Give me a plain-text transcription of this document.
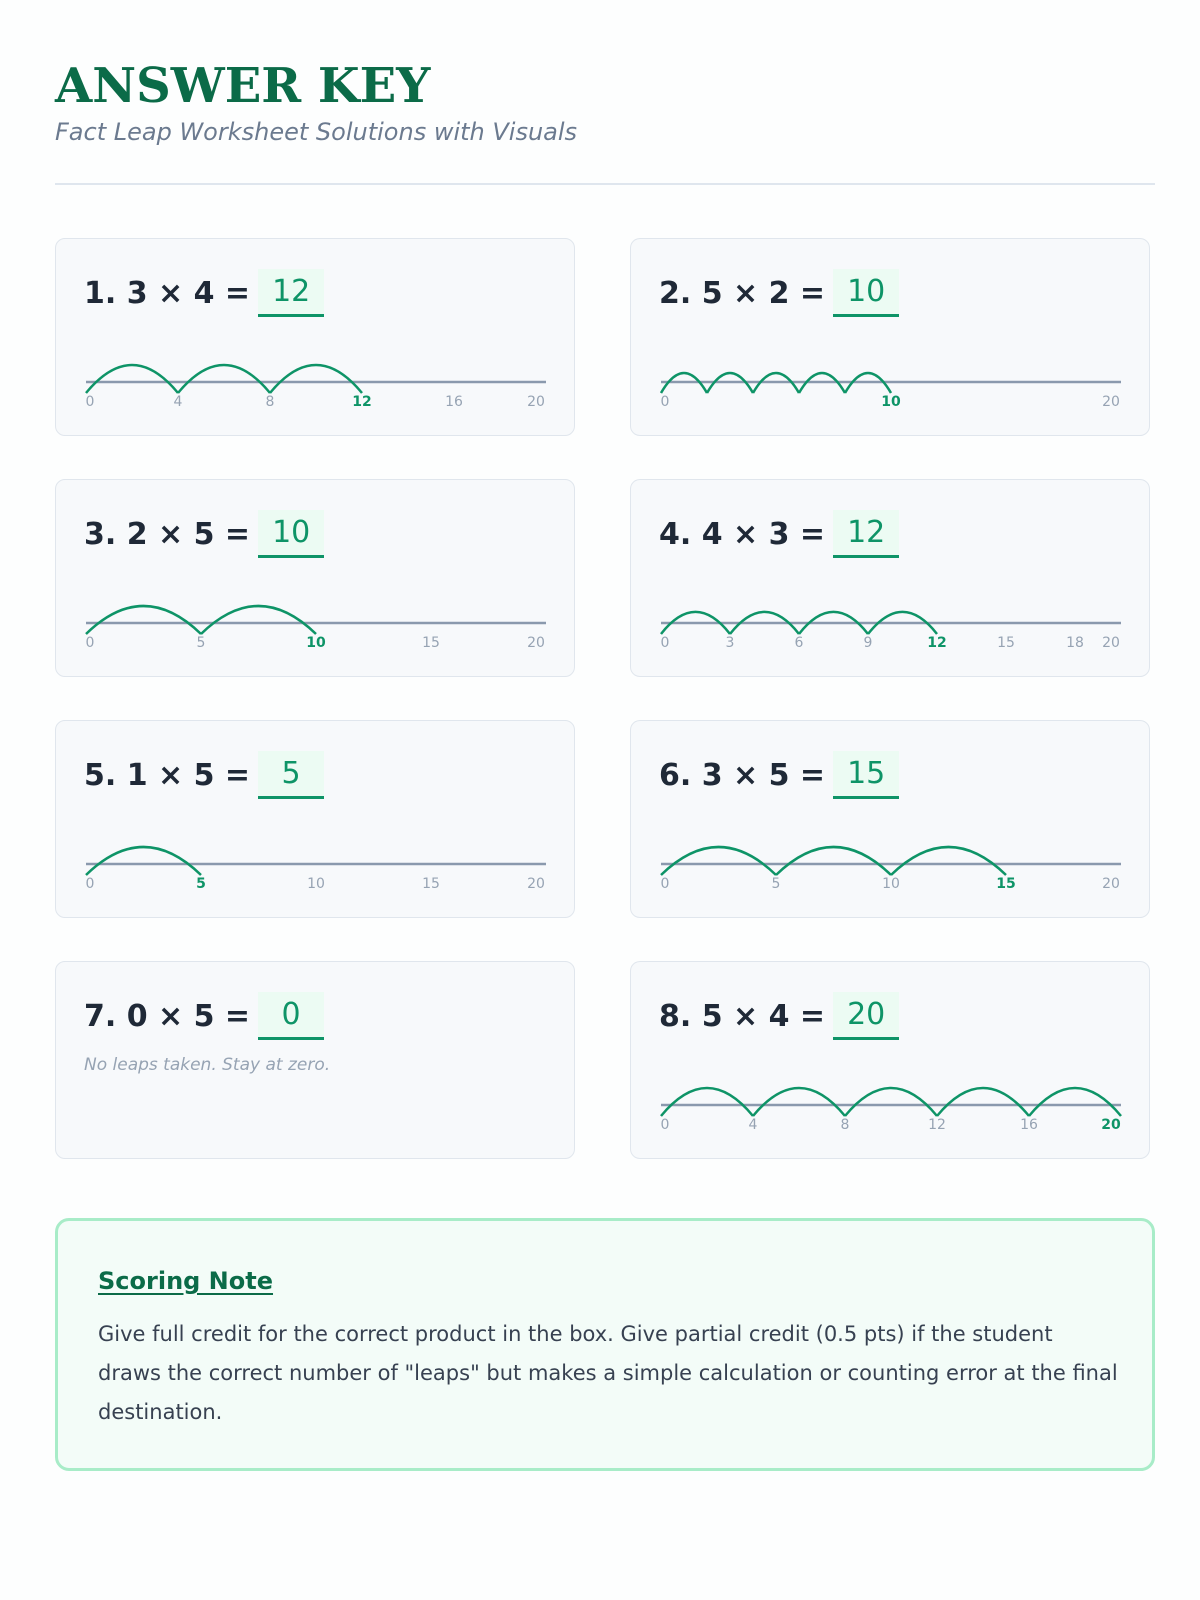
ANSWER KEY
Fact Leap Worksheet Solutions with Visuals
1. 3 × 4 = 12
0	4	8	12	16	20
2. 5 × 2 = 10
0	10	20
3. 2 × 5 = 10
0	5	10	15	20
4. 4 × 3 = 12
0	3	6	9	12	15	18 20
5. 1 × 5 =	5
0	5	10	15	20
6. 3 × 5 = 15
0	5	10	15	20
7. 0 × 5 =	0
No leaps taken. Stay at zero.
8. 5 × 4 = 20
0	4	8	12	16	20
Scoring Note
Give full credit for the correct product in the box. Give partial credit (0.5 pts) if the student draws the correct number of "leaps" but makes a simple calculation or counting error at the final destination.
